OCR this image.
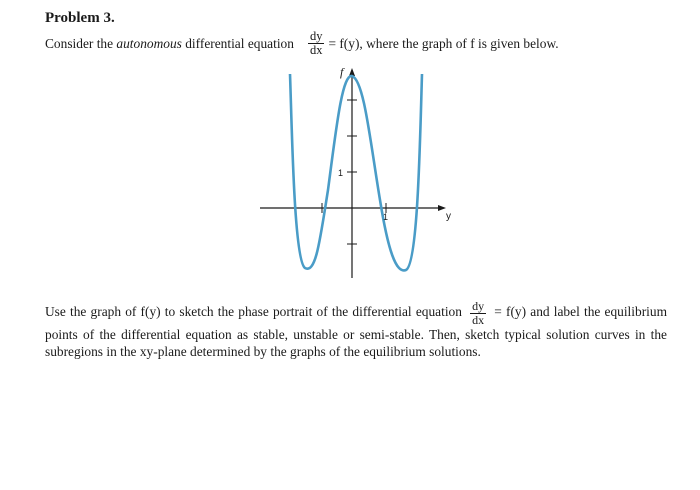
Problem 3.
Consider the autonomous differential equation $\frac{dy}{dx} = f(y)$, where the graph of f is given below.
f
y
1
1
Use the graph of f(y) to sketch the phase portrait of the differential equation $\frac{dy}{dx} = f(y)$ and label the equilibrium points of the differential equation as stable, unstable or semi-stable. Then, sketch typical solution curves in the subregions in the xy-plane determined by the graphs of the equilibrium solutions.
